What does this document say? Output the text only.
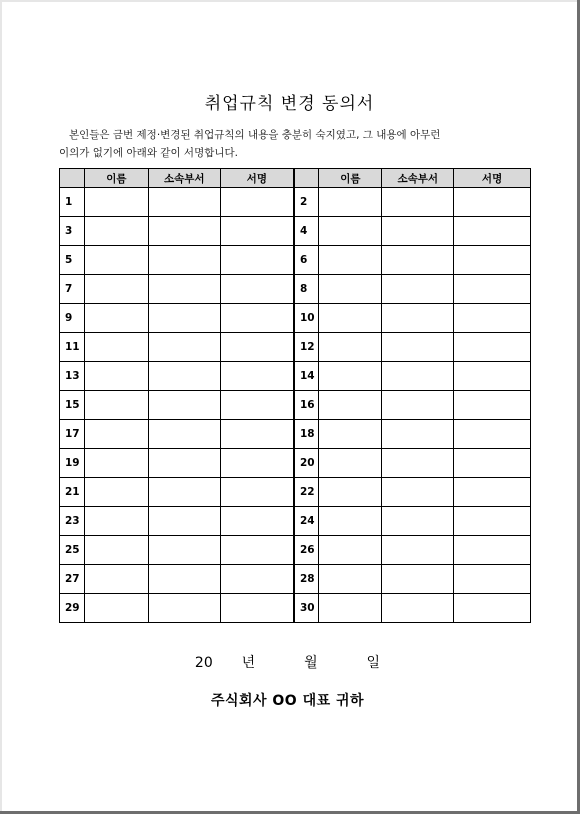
취업규칙 변경 동의서
본인들은 금번 제정·변경된 취업규칙의 내용을 충분히 숙지였고, 그 내용에 아무런
이의가 없기에 아래와 같이 서명합니다.
	이름	소속부서	서명		이름	소속부서	서명
1				2			
3				4			
5				6			
7				8			
9				10			
11				12			
13				14			
15				16			
17				18			
19				20			
21				22			
23				24			
25				26			
27				28			
29				30			
20 년	월	일
주식회사 OO 대표 귀하
